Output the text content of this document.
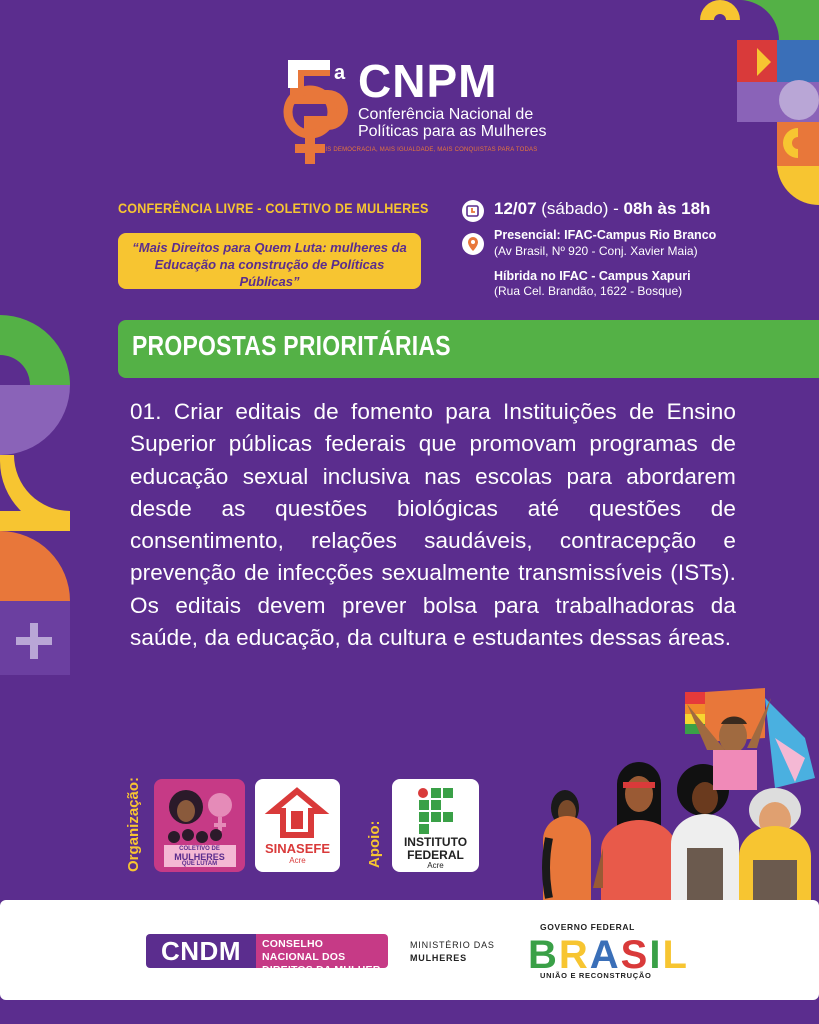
a CNPM
Conferência Nacional de
Políticas para as Mulheres
MAIS DEMOCRACIA, MAIS IGUALDADE, MAIS CONQUISTAS PARA TODAS
CONFERÊNCIA LIVRE - COLETIVO DE MULHERES
“Mais Direitos para Quem Luta: mulheres da Educação na construção de Políticas Públicas”
12/07 (sábado) - 08h às 18h
Presencial: IFAC-Campus Rio Branco
(Av Brasil, Nº 920 - Conj. Xavier Maia)
Híbrida no IFAC - Campus Xapuri
(Rua Cel. Brandão, 1622 - Bosque)
PROPOSTAS PRIORITÁRIAS

01. Criar editais de fomento para Instituições de Ensino Superior públicas federais que promovam programas de educação sexual inclusiva nas escolas para abordarem desde as questões biológicas até questões de consentimento, relações saudáveis, contracepção e prevenção de infecções sexualmente transmissíveis (ISTs). Os editais devem prever bolsa para trabalhadoras da saúde, da educação, da cultura e estudantes dessas áreas.

Organização:	COLETIVO DE
MULHERES
QUE LUTAM
SINASEFE
Acre	Apoio:	INSTITUTO
FEDERAL
Acre
CNDM	CONSELHO NACIONAL DOS
DIREITOS DA MULHER
MINISTÉRIO DAS
MULHERES
GOVERNO FEDERAL
BRASIL
UNIÃO E RECONSTRUÇÃO
